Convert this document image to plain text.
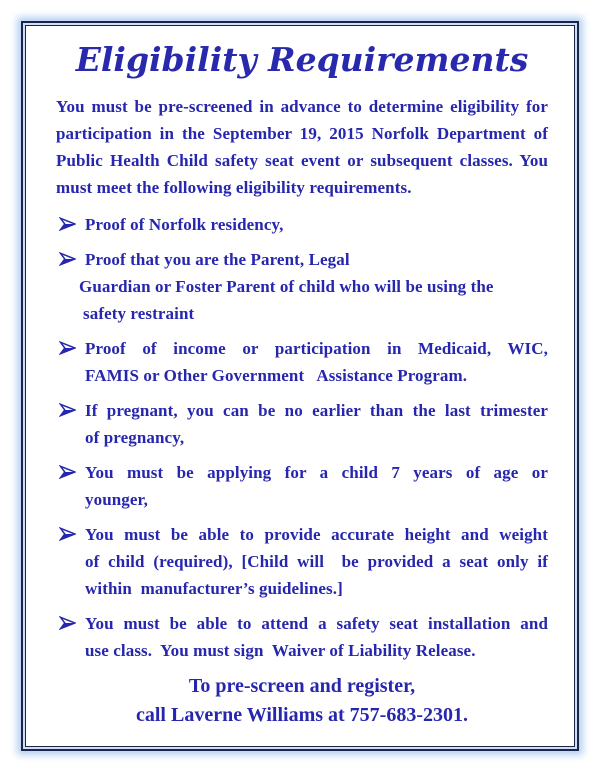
Eligibility Requirements
You must be pre-screened in advance to determine eligibility for
participation in the September 19, 2015 Norfolk Department of
Public Health Child safety seat event or subsequent classes. You
must meet the following eligibility requirements.
Proof of Norfolk residency,
Proof that you are the Parent, Legal
Guardian or Foster Parent of child who will be using the
safety restraint
Proof of income or participation in Medicaid, WIC,
FAMIS or Other Government   Assistance Program.
If pregnant, you can be no earlier than the last trimester
of pregnancy,
You must be applying for a child 7 years of age or
younger,
You must be able to provide accurate height and weight
of child (required), [Child will  be provided a seat only if
within  manufacturer’s guidelines.]
You must be able to attend a safety seat installation and
use class.  You must sign  Waiver of Liability Release.
To pre-screen and register,
call Laverne Williams at 757-683-2301.
